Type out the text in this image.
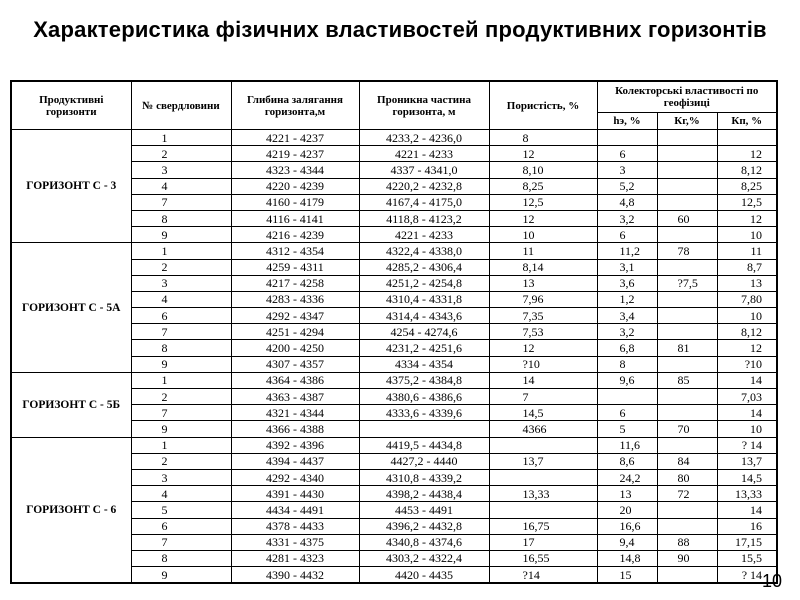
Характеристика фізичних властивостей продуктивних горизонтів
Продуктивні горизонти	№ свердловини	Глибина залягання горизонта,м	Проникна частина горизонта, м	Пористість, %	Колекторські властивості по геофізиці		
					hэ, %	Кг,%	Кп, %
ГОРИЗОНТ С - 3	1	4221 - 4237	4233,2 - 4236,0	8			
	2	4219 - 4237	4221 - 4233	12	6		12
	3	4323 - 4344	4337 - 4341,0	8,10	3		8,12
	4	4220 - 4239	4220,2 - 4232,8	8,25	5,2		8,25
	7	4160 - 4179	4167,4 - 4175,0	12,5	4,8		12,5
	8	4116 - 4141	4118,8 - 4123,2	12	3,2	60	12
	9	4216 - 4239	4221 - 4233	10	6		10
ГОРИЗОНТ С - 5А	1	4312 - 4354	4322,4 - 4338,0	11	11,2	78	11
	2	4259 - 4311	4285,2 - 4306,4	8,14	3,1		8,7
	3	4217 - 4258	4251,2 - 4254,8	13	3,6	?7,5	13
	4	4283 - 4336	4310,4 - 4331,8	7,96	1,2		7,80
	6	4292 - 4347	4314,4 - 4343,6	7,35	3,4		10
	7	4251 - 4294	4254 - 4274,6	7,53	3,2		8,12
	8	4200 - 4250	4231,2 - 4251,6	12	6,8	81	12
	9	4307 - 4357	4334 - 4354	?10	8		?10
ГОРИЗОНТ С - 5Б	1	4364 - 4386	4375,2 - 4384,8	14	9,6	85	14
	2	4363 - 4387	4380,6 - 4386,6	7			7,03
	7	4321 - 4344	4333,6 - 4339,6	14,5	6		14
	9	4366 - 4388		4366	5	70	10
ГОРИЗОНТ С - 6	1	4392 - 4396	4419,5 - 4434,8		11,6		? 14
	2	4394 - 4437	4427,2 - 4440	13,7	8,6	84	13,7
	3	4292 - 4340	4310,8 - 4339,2		24,2	80	14,5
	4	4391 - 4430	4398,2 - 4438,4	13,33	13	72	13,33
	5	4434 - 4491	4453 - 4491		20		14
	6	4378 - 4433	4396,2 - 4432,8	16,75	16,6		16
	7	4331 - 4375	4340,8 - 4374,6	17	9,4	88	17,15
	8	4281 - 4323	4303,2 - 4322,4	16,55	14,8	90	15,5
	9	4390 - 4432	4420 - 4435	?14	15		? 14 10
